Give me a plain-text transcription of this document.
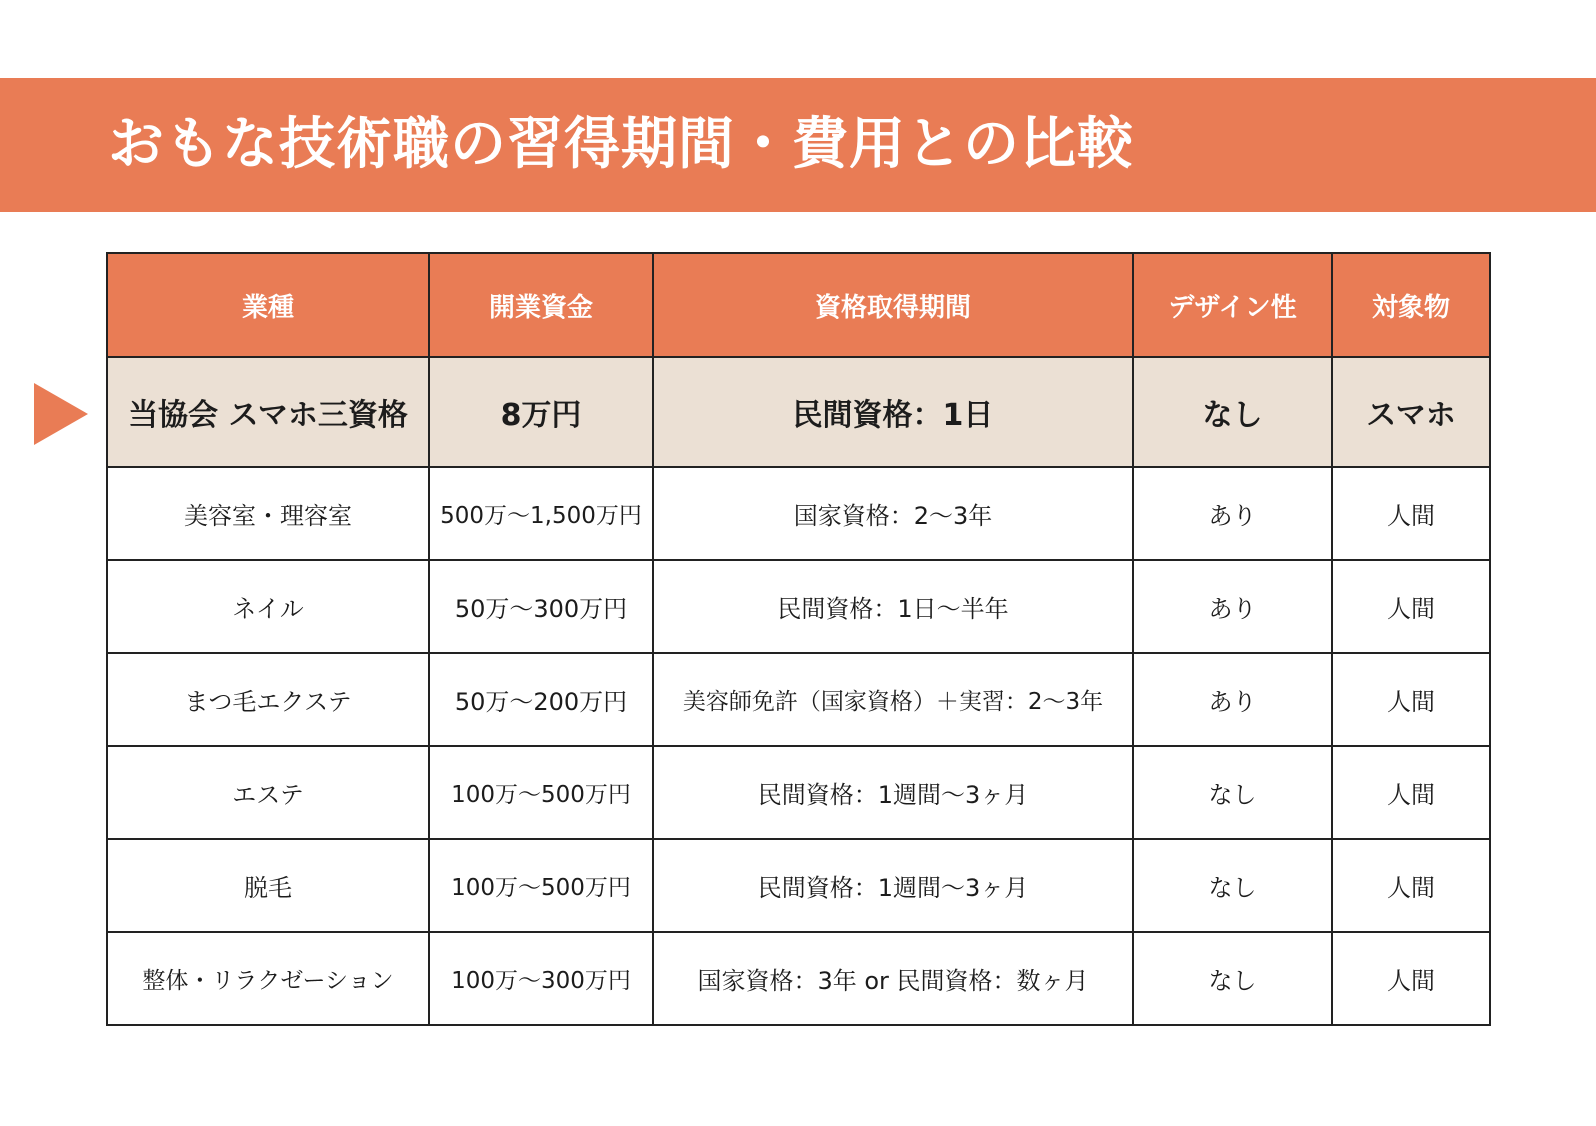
おもな技術職の習得期間・費用との比較
業種	開業資金	資格取得期間	デザイン性	対象物
当協会 スマホ三資格	8万円	民間資格：1日	なし	スマホ
美容室・理容室	500万〜1,500万円	国家資格：2〜3年	あり	人間
ネイル	50万〜300万円	民間資格：1日〜半年	あり	人間
まつ毛エクステ	50万〜200万円	美容師免許（国家資格）＋実習：2〜3年	あり	人間
エステ	100万〜500万円	民間資格：1週間〜3ヶ月	なし	人間
脱毛	100万〜500万円	民間資格：1週間〜3ヶ月	なし	人間
整体・リラクゼーション	100万〜300万円	国家資格：3年 or 民間資格：数ヶ月	なし	人間
